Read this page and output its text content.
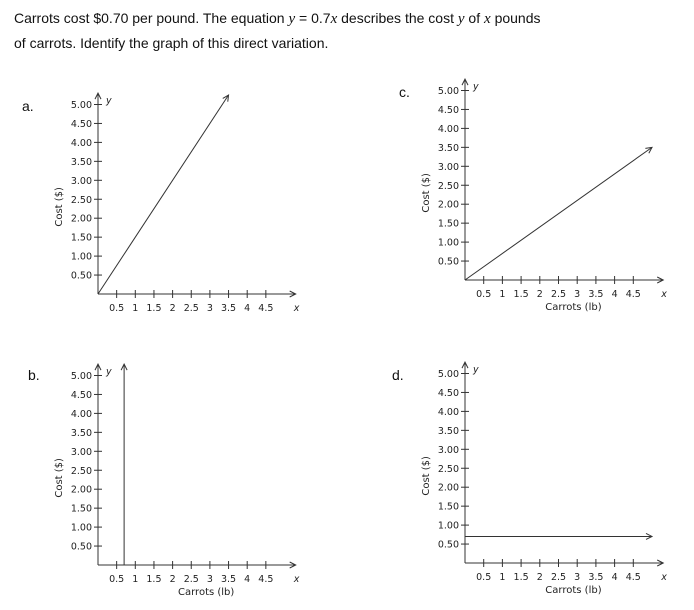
Carrots cost $0.70 per pound. The equation y = 0.7x describes the cost y of x pounds
of carrots. Identify the graph of this direct variation.
a.
b.
c.
d.
0.5 1 1.5 2 2.5 3 3.5 4 4.5 x
0.50
1.00
1.50
2.00
2.50
3.00
3.50
4.00
4.50
5.00 y
Cost ($)
0.5 1 1.5 2 2.5 3 3.5 4 4.5 x
0.50
1.00
1.50
2.00
2.50
3.00
3.50
4.00
4.50
5.00 y
Cost ($)
Carrots (lb)
0.5 1 1.5 2 2.5 3 3.5 4 4.5 x
0.50
1.00
1.50
2.00
2.50
3.00
3.50
4.00
4.50
5.00 y
Cost ($)
Carrots (lb)
0.5 1 1.5 2 2.5 3 3.5 4 4.5 x
0.50
1.00
1.50
2.00
2.50
3.00
3.50
4.00
4.50
5.00 y
Cost ($)
Carrots (lb)
